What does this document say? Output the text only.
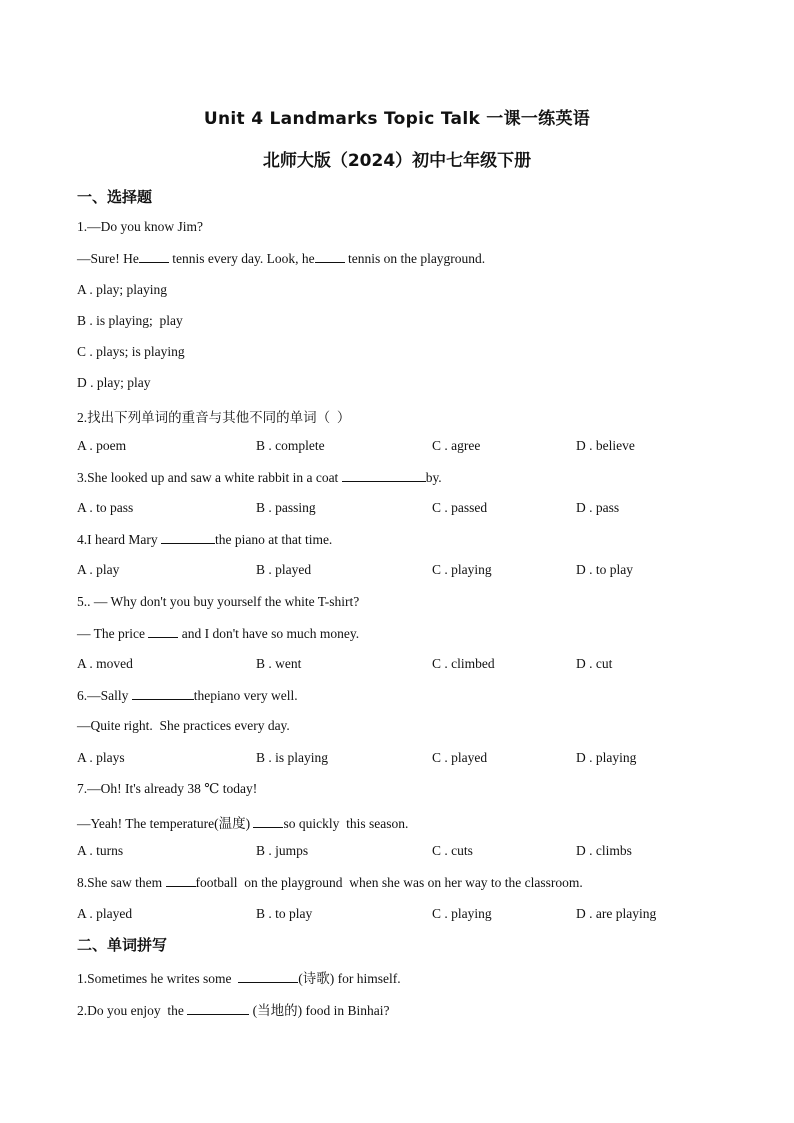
Unit 4 Landmarks Topic Talk 一课一练英语
北师大版（2024）初中七年级下册
一、选择题
1.—Do you know Jim?
—Sure! He tennis every day. Look, he tennis on the playground.
A . play; playing
B . is playing;  play
C . plays; is playing
D . play; play
2.找出下列单词的重音与其他不同的单词（  ）
A . poem	B . complete	C . agree	D . believe
3.She looked up and saw a white rabbit in a coat	by.
A . to pass	B . passing	C . passed	D . pass
4.I heard Mary	the piano at that time.
A . play	B . played	C . playing	D . to play
5.. — Why don't you buy yourself the white T-shirt?
— The price  and I don't have so much money.
A . moved	B . went	C . climbed	D . cut
6.—Sally	thepiano very well.
—Quite right.  She practices every day.
A . plays	B . is playing	C . played	D . playing
7.—Oh! It's already 38 ℃ today!
—Yeah! The temperature(温度) so quickly  this season.
A . turns	B . jumps	C . cuts	D . climbs
8.She saw them football  on the playground  when she was on her way to the classroom.
A . played	B . to play	C . playing	D . are playing
二、单词拼写
1.Sometimes he writes some	(诗歌) for himself.
2.Do you enjoy  the	(当地的) food in Binhai?
